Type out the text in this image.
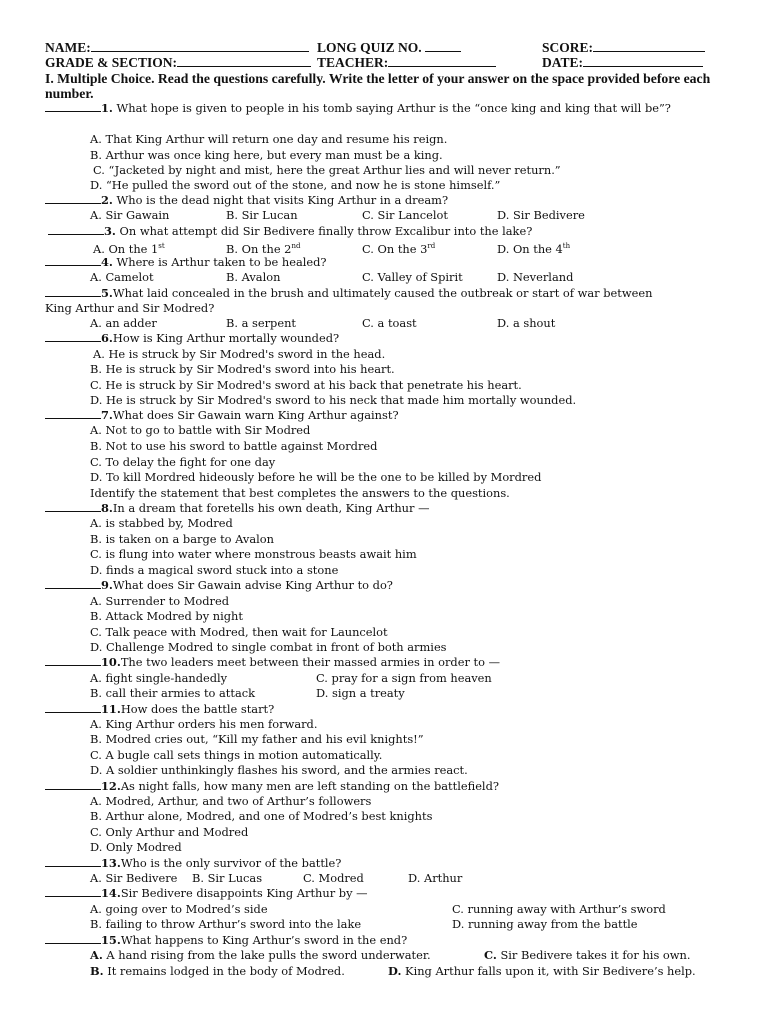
NAME:	LONG QUIZ NO.	SCORE:
GRADE & SECTION:	TEACHER:	DATE:
I. Multiple Choice. Read the questions carefully. Write the letter of your answer on the space provided before each number.
1. What hope is given to people in his tomb saying Arthur is the “once king and king that will be”?
A. That King Arthur will return one day and resume his reign.
B. Arthur was once king here, but every man must be a king.
C. “Jacketed by night and mist, here the great Arthur lies and will never return.”
D. “He pulled the sword out of the stone, and now he is stone himself.”
2. Who is the dead night that visits King Arthur in a dream?
A. Sir Gawain	B. Sir Lucan	C. Sir Lancelot	D. Sir Bedivere
3. On what attempt did Sir Bedivere finally throw Excalibur into the lake?
A. On the 1st	B. On the 2nd	C. On the 3rd	D. On the 4th
4. Where is Arthur taken to be healed?
A. Camelot	B. Avalon	C. Valley of Spirit	D. Neverland
5.What laid concealed in the brush and ultimately caused the outbreak or start of war between
King Arthur and Sir Modred?
A. an adder	B. a serpent	C. a toast	D. a shout
6.How is King Arthur mortally wounded?
A. He is struck by Sir Modred's sword in the head.
B. He is struck by Sir Modred's sword into his heart.
C. He is struck by Sir Modred's sword at his back that penetrate his heart.
D. He is struck by Sir Modred's sword to his neck that made him mortally wounded.
7.What does Sir Gawain warn King Arthur against?
A. Not to go to battle with Sir Modred
B. Not to use his sword to battle against Mordred
C. To delay the fight for one day
D. To kill Mordred hideously before he will be the one to be killed by Mordred
Identify the statement that best completes the answers to the questions.
8.In a dream that foretells his own death, King Arthur —
A. is stabbed by, Modred
B. is taken on a barge to Avalon
C. is flung into water where monstrous beasts await him
D. finds a magical sword stuck into a stone
9.What does Sir Gawain advise King Arthur to do?
A. Surrender to Modred
B. Attack Modred by night
C. Talk peace with Modred, then wait for Launcelot
D. Challenge Modred to single combat in front of both armies
10.The two leaders meet between their massed armies in order to —
A. fight single-handedly	C. pray for a sign from heaven
B. call their armies to attack	D. sign a treaty
11.How does the battle start?
A. King Arthur orders his men forward.
B. Modred cries out, “Kill my father and his evil knights!”
C. A bugle call sets things in motion automatically.
D. A soldier unthinkingly flashes his sword, and the armies react.
12.As night falls, how many men are left standing on the battlefield?
A. Modred, Arthur, and two of Arthur’s followers
B. Arthur alone, Modred, and one of Modred’s best knights
C. Only Arthur and Modred
D. Only Modred
13.Who is the only survivor of the battle?
A. Sir Bedivere B. Sir Lucas	C. Modred	D. Arthur
14.Sir Bedivere disappoints King Arthur by —
A. going over to Modred’s side	C. running away with Arthur’s sword
B. failing to throw Arthur’s sword into the lake	D. running away from the battle
15.What happens to King Arthur’s sword in the end?
A. A hand rising from the lake pulls the sword underwater.	C. Sir Bedivere takes it for his own.
B. It remains lodged in the body of Modred.	D. King Arthur falls upon it, with Sir Bedivere’s help.
